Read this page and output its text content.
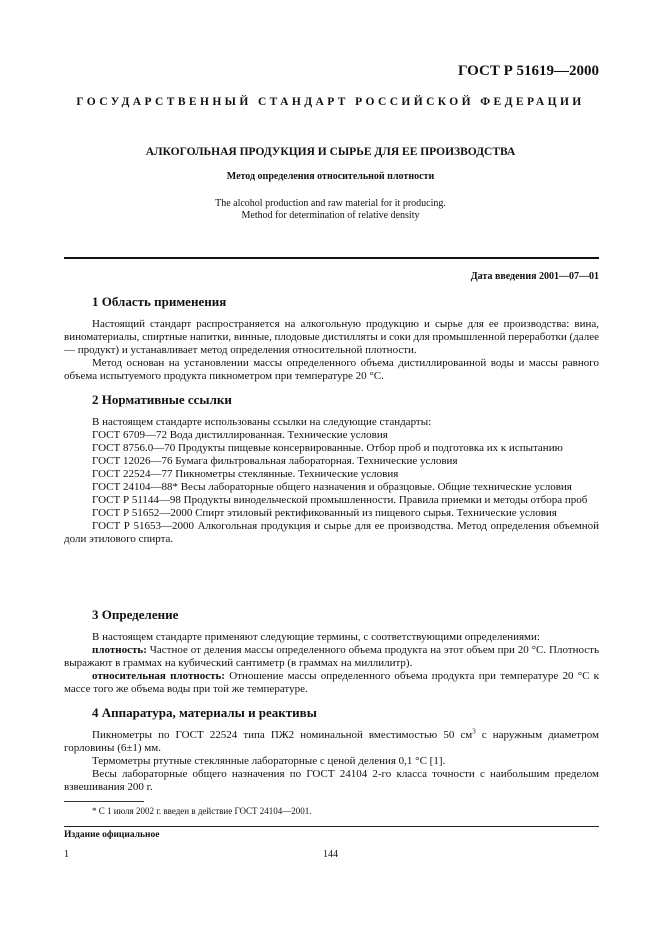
ГОСТ Р 51619—2000
ГОСУДАРСТВЕННЫЙ СТАНДАРТ РОССИЙСКОЙ ФЕДЕРАЦИИ
АЛКОГОЛЬНАЯ ПРОДУКЦИЯ И СЫРЬЕ ДЛЯ ЕЕ ПРОИЗВОДСТВА
Метод определения относительной плотности
The alcohol production and raw material for it producing.
Method for determination of relative density
Дата введения 2001—07—01
1 Область применения

Настоящий стандарт распространяется на алкогольную продукцию и сырье для ее производства: вина, виноматериалы, спиртные напитки, винные, плодовые дистилляты и соки для промышленной переработки (далее — продукт) и устанавливает метод определения относительной плотности.

Метод основан на установлении массы определенного объема дистиллированной воды и массы равного объема испытуемого продукта пикнометром при температуре 20 °С.

2 Нормативные ссылки

В настоящем стандарте использованы ссылки на следующие стандарты:

ГОСТ 6709—72 Вода дистиллированная. Технические условия

ГОСТ 8756.0—70 Продукты пищевые консервированные. Отбор проб и подготовка их к испытанию

ГОСТ 12026—76 Бумага фильтровальная лабораторная. Технические условия

ГОСТ 22524—77 Пикнометры стеклянные. Технические условия

ГОСТ 24104—88* Весы лабораторные общего назначения и образцовые. Общие технические условия

ГОСТ Р 51144—98 Продукты винодельческой промышленности. Правила приемки и методы отбора проб

ГОСТ Р 51652—2000 Спирт этиловый ректификованный из пищевого сырья. Технические условия

ГОСТ Р 51653—2000 Алкогольная продукция и сырье для ее производства. Метод определения объемной доли этилового спирта.

3 Определение

В настоящем стандарте применяют следующие термины, с соответствующими определениями:

плотность: Частное от деления массы определенного объема продукта на этот объем при 20 °С. Плотность выражают в граммах на кубический сантиметр (в граммах на миллилитр).

относительная плотность: Отношение массы определенного объема продукта при температуре 20 °С к массе того же объема воды при той же температуре.

4 Аппаратура, материалы и реактивы

Пикнометры по ГОСТ 22524 типа ПЖ2 номинальной вместимостью 50 $см^3$ с наружным диаметром горловины (6±1) мм.

Термометры ртутные стеклянные лабораторные с ценой деления 0,1 °С [1].

Весы лабораторные общего назначения по ГОСТ 24104 2-го класса точности с наибольшим пределом взвешивания 200 г.

* С 1 июля 2002 г. введен в действие ГОСТ 24104—2001.
Издание официальное
1	144
